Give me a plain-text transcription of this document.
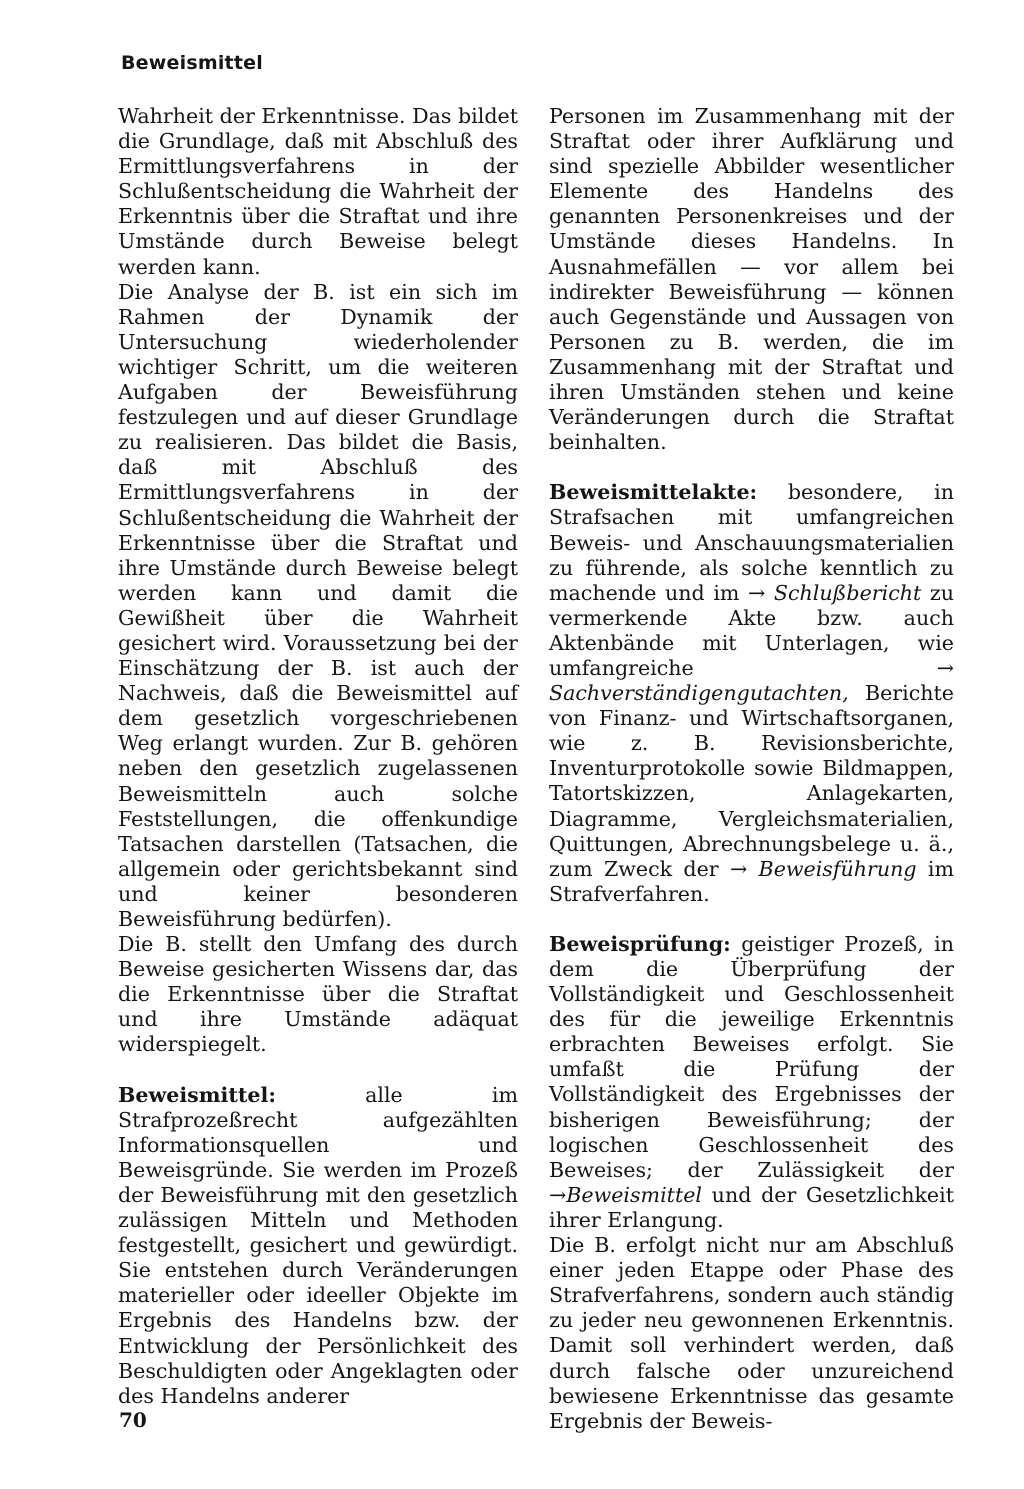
Beweismittel

Wahrheit der Erkenntnisse. Das bildet die Grundlage, daß mit Abschluß des Ermittlungsverfahrens in der Schlußentscheidung die Wahrheit der Erkenntnis über die Straftat und ihre Umstände durch Beweise belegt werden kann.

Die Analyse der B. ist ein sich im Rahmen der Dynamik der Untersuchung wiederholender wichtiger Schritt, um die weiteren Aufgaben der Beweisführung festzulegen und auf dieser Grundlage zu realisieren. Das bildet die Basis, daß mit Abschluß des Ermittlungsverfahrens in der Schlußentscheidung die Wahrheit der Erkenntnisse über die Straftat und ihre Umstände durch Beweise belegt werden kann und damit die Gewißheit über die Wahrheit gesichert wird. Voraussetzung bei der Einschätzung der B. ist auch der Nachweis, daß die Beweismittel auf dem gesetzlich vorgeschriebenen Weg erlangt wurden. Zur B. gehören neben den gesetzlich zugelassenen Beweismitteln auch solche Feststellungen, die offenkundige Tatsachen darstellen (Tatsachen, die allgemein oder gerichtsbekannt sind und keiner besonderen Beweisführung bedürfen).

Die B. stellt den Umfang des durch Beweise gesicherten Wissens dar, das die Erkenntnisse über die Straftat und ihre Umstände adäquat widerspiegelt.

Beweismittel: alle im Strafprozeßrecht aufgezählten Informationsquellen und Beweisgründe. Sie werden im Prozeß der Beweisführung mit den gesetzlich zulässigen Mitteln und Methoden festgestellt, gesichert und gewürdigt. Sie entstehen durch Veränderungen materieller oder ideeller Objekte im Ergebnis des Handelns bzw. der Entwicklung der Persönlichkeit des Beschuldigten oder Angeklagten oder des Handelns anderer

Personen im Zusammenhang mit der Straftat oder ihrer Aufklärung und sind spezielle Abbilder wesentlicher Elemente des Handelns des genannten Personenkreises und der Umstände dieses Handelns. In Ausnahmefällen — vor allem bei indirekter Beweisführung — können auch Gegenstände und Aussagen von Personen zu B. werden, die im Zusammenhang mit der Straftat und ihren Umständen stehen und keine Veränderungen durch die Straftat beinhalten.

Beweismittelakte: besondere, in Strafsachen mit umfangreichen Beweis- und Anschauungsmaterialien zu führende, als solche kenntlich zu machende und im → Schlußbericht zu vermerkende Akte bzw. auch Aktenbände mit Unterlagen, wie umfangreiche → Sachverständigengutachten, Berichte von Finanz- und Wirtschaftsorganen, wie z. B. Revisionsberichte, Inventurprotokolle sowie Bildmappen, Tatortskizzen, Anlagekarten, Diagramme, Vergleichsmaterialien, Quittungen, Abrechnungsbelege u. ä., zum Zweck der → Beweisführung im Strafverfahren.

Beweisprüfung: geistiger Prozeß, in dem die Überprüfung der Vollständigkeit und Geschlossenheit des für die jeweilige Erkenntnis erbrachten Beweises erfolgt. Sie umfaßt die Prüfung der Vollständigkeit des Ergebnisses der bisherigen Beweisführung; der logischen Geschlossenheit des Beweises; der Zulässigkeit der →Beweismittel und der Gesetzlichkeit ihrer Erlangung.

Die B. erfolgt nicht nur am Abschluß einer jeden Etappe oder Phase des Strafverfahrens, sondern auch ständig zu jeder neu gewonnenen Erkenntnis. Damit soll verhindert werden, daß durch falsche oder unzureichend bewiesene Erkenntnisse das gesamte Ergebnis der Beweis-

70
